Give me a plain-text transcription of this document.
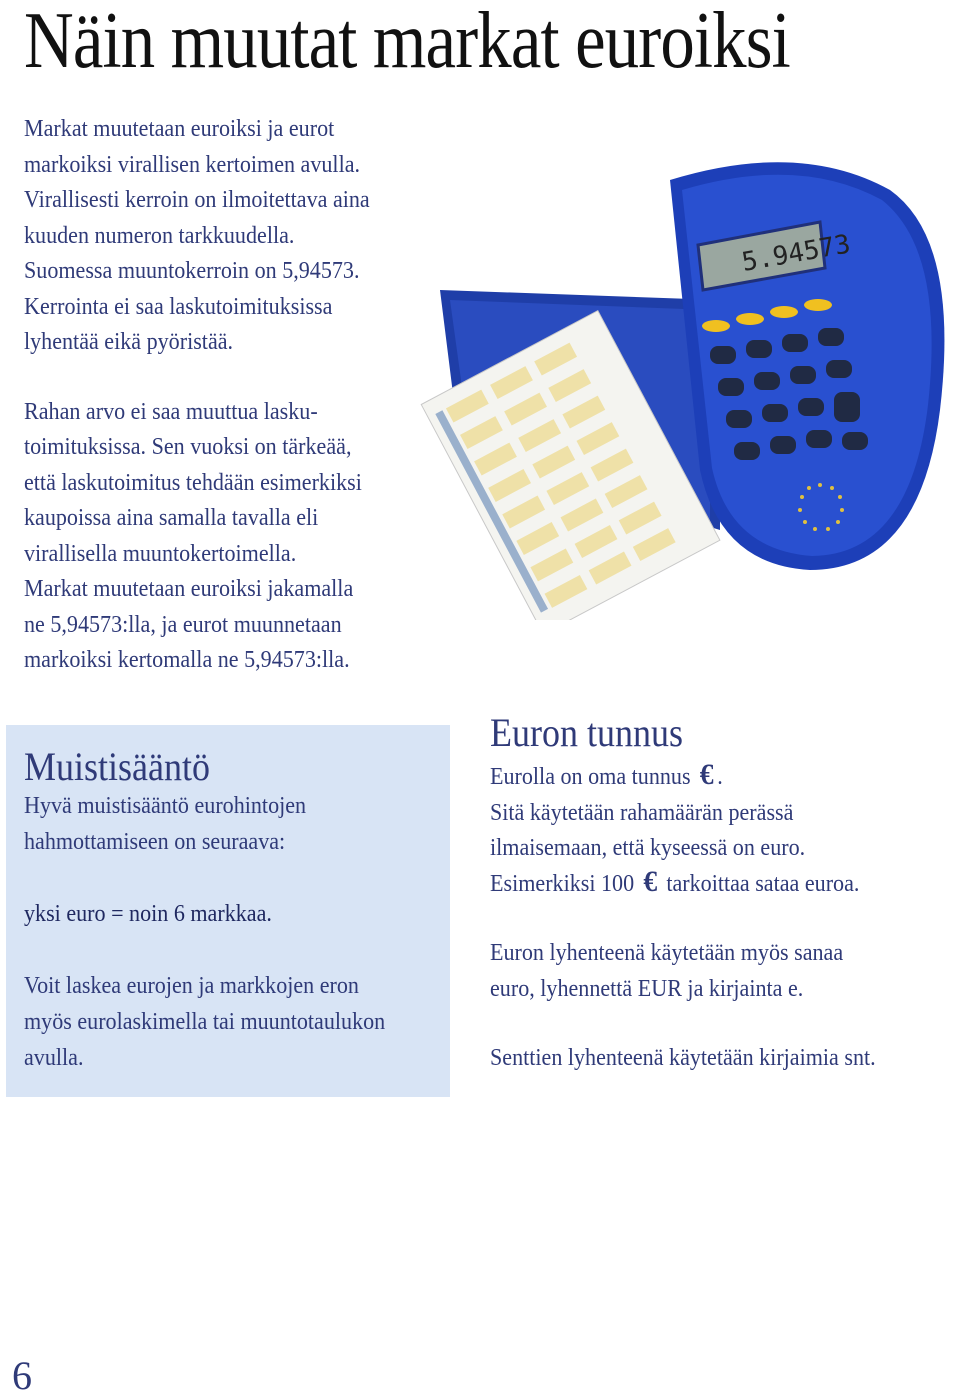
Näin muutat markat euroiksi

Markat muutetaan euroiksi ja eurot

markoiksi virallisen kertoimen avulla.

Virallisesti kerroin on ilmoitettava aina

kuuden numeron tarkkuudella.

Suomessa muuntokerroin on 5,94573.

Kerrointa ei saa laskutoimituksissa

lyhentää eikä pyöristää.

Rahan arvo ei saa muuttua lasku-

toimituksissa. Sen vuoksi on tärkeää,

että laskutoimitus tehdään esimerkiksi

kaupoissa aina samalla tavalla eli

virallisella muuntokertoimella.

Markat muutetaan euroiksi jakamalla

ne 5,94573:lla, ja eurot muunnetaan

markoiksi kertomalla ne 5,94573:lla.

5.94573
Muistisääntö

Hyvä muistisääntö eurohintojen

hahmottamiseen on seuraava:

yksi euro = noin 6 markkaa.

Voit laskea eurojen ja markkojen eron

myös eurolaskimella tai muuntotaulukon

avulla.

Euron tunnus

Eurolla on oma tunnus € .

Sitä käytetään rahamäärän perässä

ilmaisemaan, että kyseessä on euro.

Esimerkiksi 100 € tarkoittaa sataa euroa.

Euron lyhenteenä käytetään myös sanaa

euro, lyhennettä EUR ja kirjainta e.

Senttien lyhenteenä käytetään kirjaimia snt.

6
